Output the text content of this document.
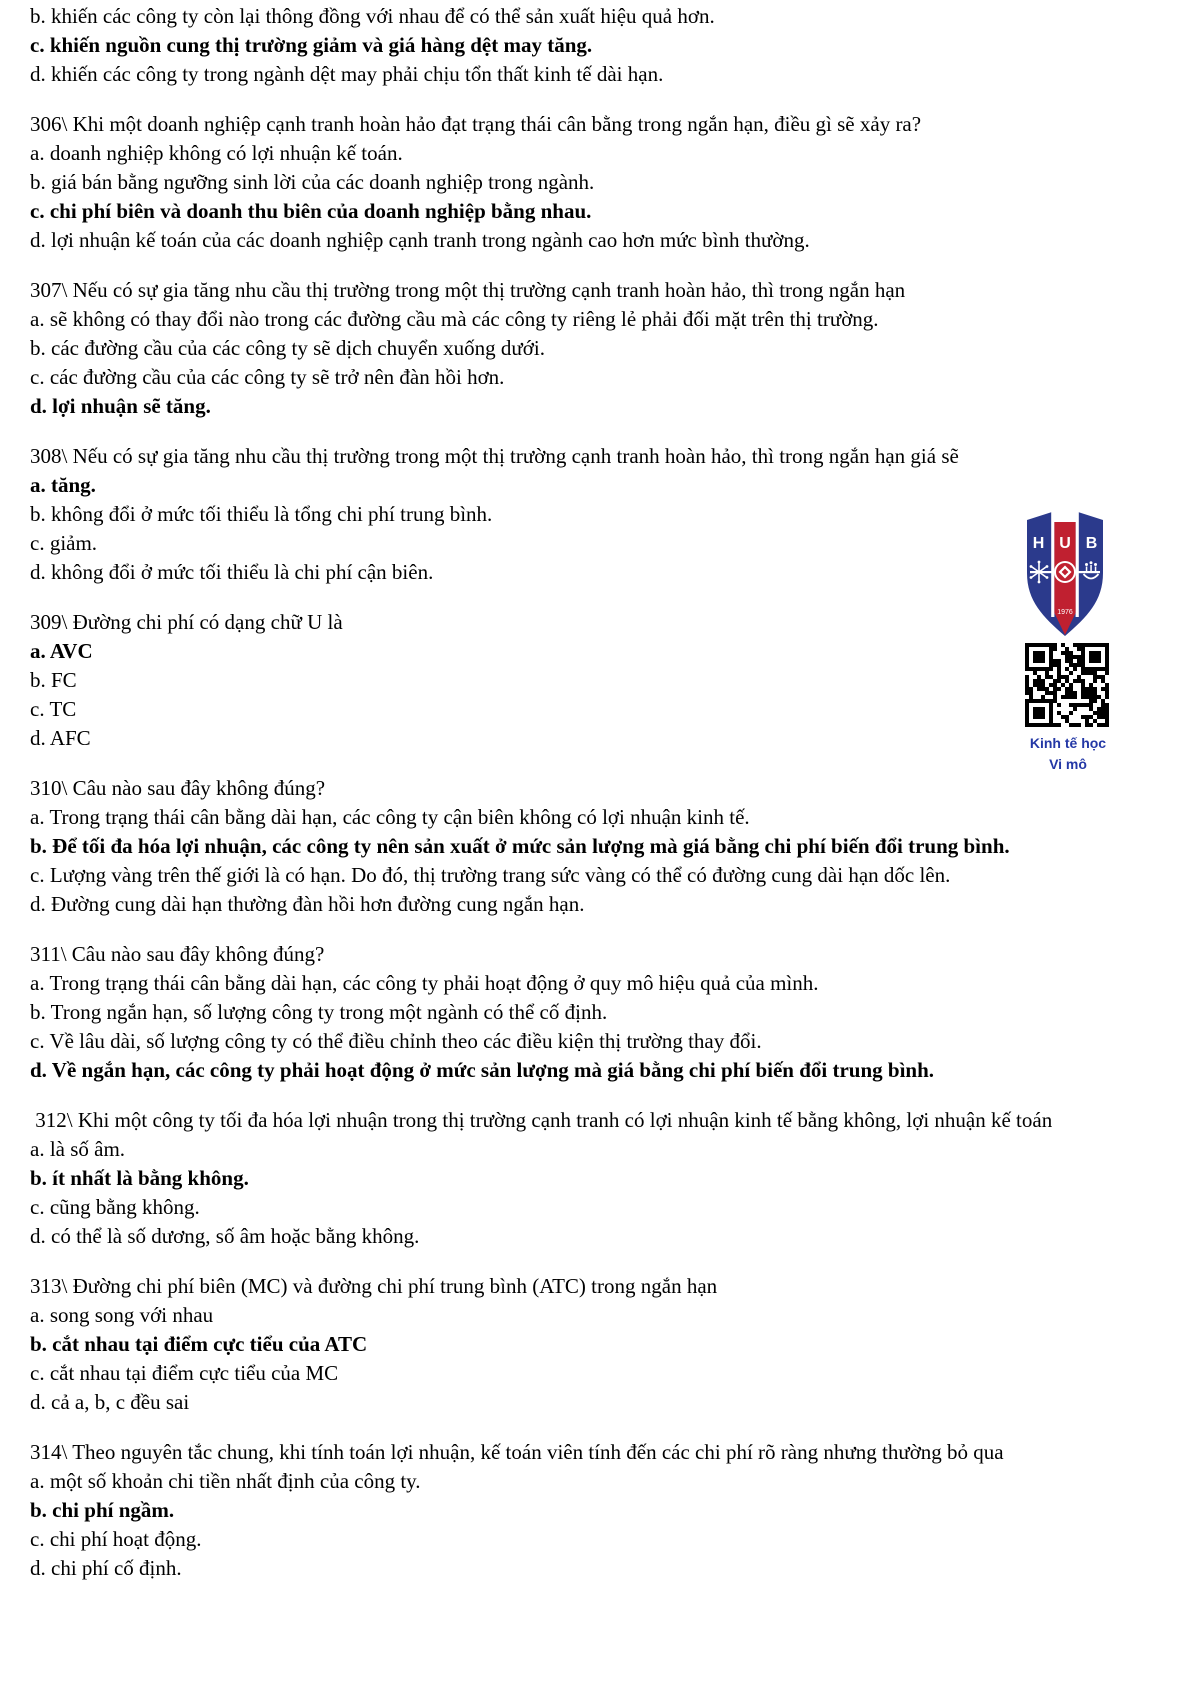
b. khiến các công ty còn lại thông đồng với nhau để có thể sản xuất hiệu quả hơn.
c. khiến nguồn cung thị trường giảm và giá hàng dệt may tăng.
d. khiến các công ty trong ngành dệt may phải chịu tổn thất kinh tế dài hạn.
306\ Khi một doanh nghiệp cạnh tranh hoàn hảo đạt trạng thái cân bằng trong ngắn hạn, điều gì sẽ xảy ra?
a. doanh nghiệp không có lợi nhuận kế toán.
b. giá bán bằng ngưỡng sinh lời của các doanh nghiệp trong ngành.
c. chi phí biên và doanh thu biên của doanh nghiệp bằng nhau.
d. lợi nhuận kế toán của các doanh nghiệp cạnh tranh trong ngành cao hơn mức bình thường.
307\ Nếu có sự gia tăng nhu cầu thị trường trong một thị trường cạnh tranh hoàn hảo, thì trong ngắn hạn
a. sẽ không có thay đổi nào trong các đường cầu mà các công ty riêng lẻ phải đối mặt trên thị trường.
b. các đường cầu của các công ty sẽ dịch chuyển xuống dưới.
c. các đường cầu của các công ty sẽ trở nên đàn hồi hơn.
d. lợi nhuận sẽ tăng.
308\ Nếu có sự gia tăng nhu cầu thị trường trong một thị trường cạnh tranh hoàn hảo, thì trong ngắn hạn giá sẽ
a. tăng.
b. không đổi ở mức tối thiểu là tổng chi phí trung bình.
c. giảm.
d. không đổi ở mức tối thiểu là chi phí cận biên.
309\ Đường chi phí có dạng chữ U là
a. AVC
b. FC
c. TC
d. AFC
310\ Câu nào sau đây không đúng?
a. Trong trạng thái cân bằng dài hạn, các công ty cận biên không có lợi nhuận kinh tế.
b. Để tối đa hóa lợi nhuận, các công ty nên sản xuất ở mức sản lượng mà giá bằng chi phí biến đổi trung bình.
c. Lượng vàng trên thế giới là có hạn. Do đó, thị trường trang sức vàng có thể có đường cung dài hạn dốc lên.
d. Đường cung dài hạn thường đàn hồi hơn đường cung ngắn hạn.
311\ Câu nào sau đây không đúng?
a. Trong trạng thái cân bằng dài hạn, các công ty phải hoạt động ở quy mô hiệu quả của mình.
b. Trong ngắn hạn, số lượng công ty trong một ngành có thể cố định.
c. Về lâu dài, số lượng công ty có thể điều chỉnh theo các điều kiện thị trường thay đổi.
d. Về ngắn hạn, các công ty phải hoạt động ở mức sản lượng mà giá bằng chi phí biến đổi trung bình.
312\ Khi một công ty tối đa hóa lợi nhuận trong thị trường cạnh tranh có lợi nhuận kinh tế bằng không, lợi nhuận kế toán
a. là số âm.
b. ít nhất là bằng không.
c. cũng bằng không.
d. có thể là số dương, số âm hoặc bằng không.
313\ Đường chi phí biên (MC) và đường chi phí trung bình (ATC) trong ngắn hạn
a. song song với nhau
b. cắt nhau tại điểm cực tiểu của ATC
c. cắt nhau tại điểm cực tiểu của MC
d. cả a, b, c đều sai
314\ Theo nguyên tắc chung, khi tính toán lợi nhuận, kế toán viên tính đến các chi phí rõ ràng nhưng thường bỏ qua
a. một số khoản chi tiền nhất định của công ty.
b. chi phí ngầm.
c. chi phí hoạt động.
d. chi phí cố định.
H U B
1976
Kinh tế học
Vi mô
